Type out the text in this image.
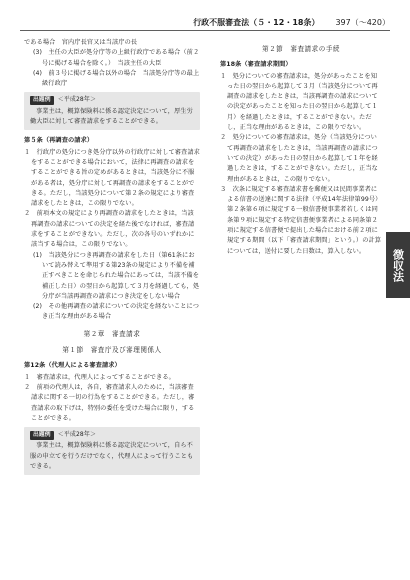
行政不服審査法（５・12・18条） 397（〜420）

である場合　宮内庁長官又は当該庁の長

(3)　主任の大臣が処分庁等の上級行政庁である場合（前２号に掲げる場合を除く。）　当該主任の大臣

(4)　前３号に掲げる場合以外の場合　当該処分庁等の最上級行政庁

出題例	＜平成28年＞

事業主は，概算保険料に係る認定決定について，厚生労働大臣に対して審査請求をすることができる。

第５条（再調査の請求）

１　行政庁の処分につき処分庁以外の行政庁に対して審査請求をすることができる場合において，法律に再調査の請求をすることができる旨の定めがあるときは，当該処分に不服がある者は，処分庁に対して再調査の請求をすることができる。ただし，当該処分について第２条の規定により審査請求をしたときは，この限りでない。

２　前項本文の規定により再調査の請求をしたときは，当該再調査の請求についての決定を経た後でなければ，審査請求をすることができない。ただし，次の各号のいずれかに該当する場合は，この限りでない。

(1)　当該処分につき再調査の請求をした日（第61条において読み替えて準用する第23条の規定により不備を補正すべきことを命じられた場合にあっては，当該不備を補正した日）の翌日から起算して３月を経過しても，処分庁が当該再調査の請求につき決定をしない場合

(2)　その他再調査の請求についての決定を経ないことにつき正当な理由がある場合

第２章　審査請求
第１節　審査庁及び審理関係人
第12条（代理人による審査請求）

１　審査請求は，代理人によってすることができる。

２　前項の代理人は，各自，審査請求人のために，当該審査請求に関する一切の行為をすることができる。ただし，審査請求の取下げは，特別の委任を受けた場合に限り，することができる。

出題例	＜平成28年＞

事業主は，概算保険料に係る認定決定について，自ら不服の申立てを行うだけでなく，代理人によって行うこともできる。

第２節　審査請求の手続
第18条（審査請求期間）

１　処分についての審査請求は，処分があったことを知った日の翌日から起算して３月（当該処分について再調査の請求をしたときは，当該再調査の請求についての決定があったことを知った日の翌日から起算して１月）を経過したときは，することができない。ただし，正当な理由があるときは，この限りでない。

２　処分についての審査請求は，処分（当該処分について再調査の請求をしたときは，当該再調査の請求についての決定）があった日の翌日から起算して１年を経過したときは，することができない。ただし，正当な理由があるときは，この限りでない。

３　次条に規定する審査請求書を郵便又は民間事業者による信書の送達に関する法律（平成14年法律第99号）第２条第６項に規定する一般信書便事業者若しくは同条第９項に規定する特定信書便事業者による同条第２項に規定する信書便で提出した場合における前２項に規定する期間（以下「審査請求期間」という。）の計算については，送付に要した日数は，算入しない。	徴収法
